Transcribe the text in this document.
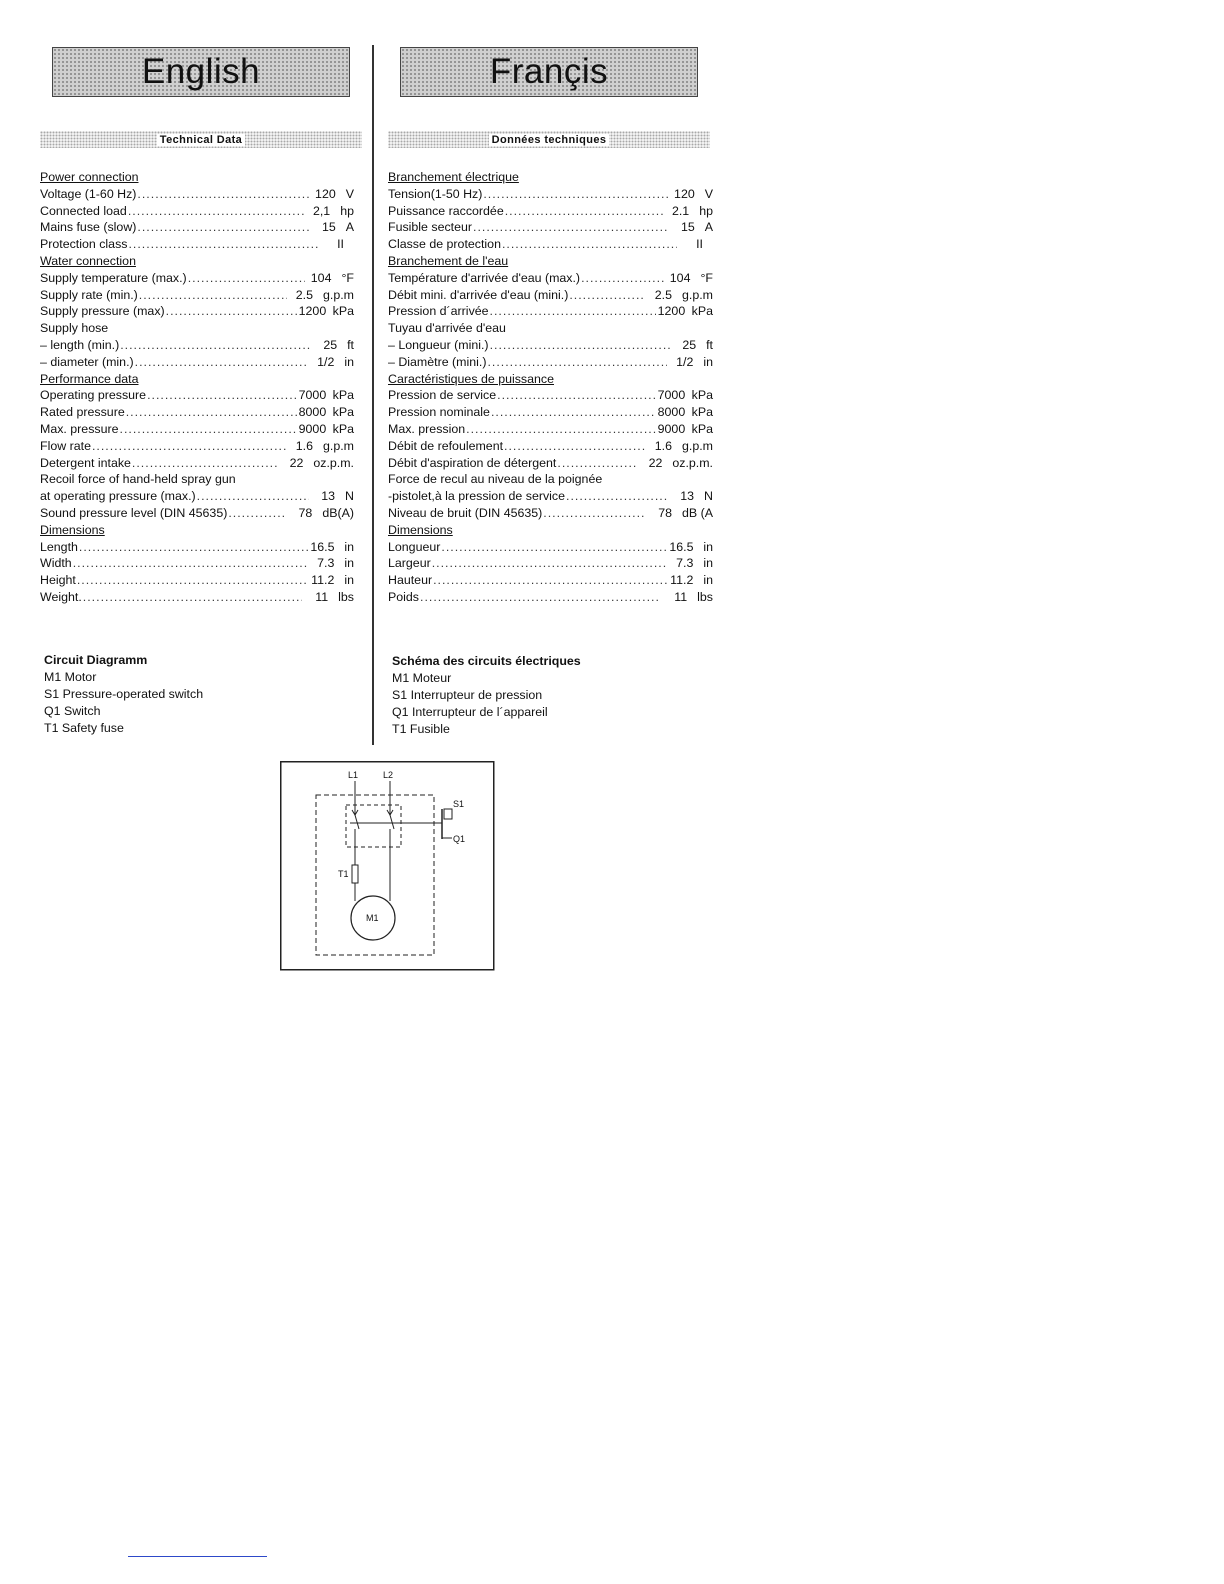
English
Technical Data
Power connection
Voltage (1-60 Hz) .....	120 V
Connected load .....	2,1 hp
Mains fuse (slow) .....	15 A
Protection class .....	II
Water connection
Supply temperature (max.) .....	104 °F
Supply rate (min.) .....	2.5 g.p.m
Supply pressure (max) .....	1200 kPa
Supply hose
– length (min.) .....	25 ft
– diameter (min.) .....	1/2 in
Performance data
Operating pressure .....	7000 kPa
Rated pressure .....	8000 kPa
Max. pressure .....	9000 kPa
Flow rate .....	1.6 g.p.m
Detergent intake .....	22 oz.p.m.
Recoil force of hand-held spray gun
at operating pressure (max.) .....	13 N
Sound pressure level (DIN 45635) .....	78 dB(A)
Dimensions
Length .....	16.5 in
Width .....	7.3 in
Height .....	11.2 in
Weight. .....	11 lbs
Circuit Diagramm
M1 Motor
S1 Pressure-operated switch
Q1 Switch
T1 Safety fuse
Françis
Données techniques
Branchement électrique
Tension(1-50 Hz) .....	120 V
Puissance raccordée .....	2.1 hp
Fusible secteur .....	15 A
Classe de protection .....	II
Branchement de l'eau
Température d'arrivée d'eau (max.) .....	104 °F
Débit mini. d'arrivée d'eau (mini.) .....	2.5 g.p.m
Pression d´arrivée .....	1200 kPa
Tuyau d'arrivée d'eau
– Longueur (mini.) .....	25 ft
– Diamètre (mini.) .....	1/2 in
Caractéristiques de puissance
Pression de service .....	7000 kPa
Pression nominale .....	8000 kPa
Max. pression .....	9000 kPa
Débit de refoulement .....	1.6 g.p.m
Débit d'aspiration de détergent .....	22 oz.p.m.
Force de recul au niveau de la poignée
-pistolet,à la pression de service .....	13 N
Niveau de bruit (DIN 45635) .....	78 dB (A
Dimensions
Longueur .....	16.5 in
Largeur .....	7.3 in
Hauteur .....	11.2 in
Poids .....	11 lbs
Schéma des circuits électriques
M1 Moteur
S1 Interrupteur de pression
Q1 Interrupteur de l´appareil
T1 Fusible
L1	L2
S1
Q1
T1
M1
